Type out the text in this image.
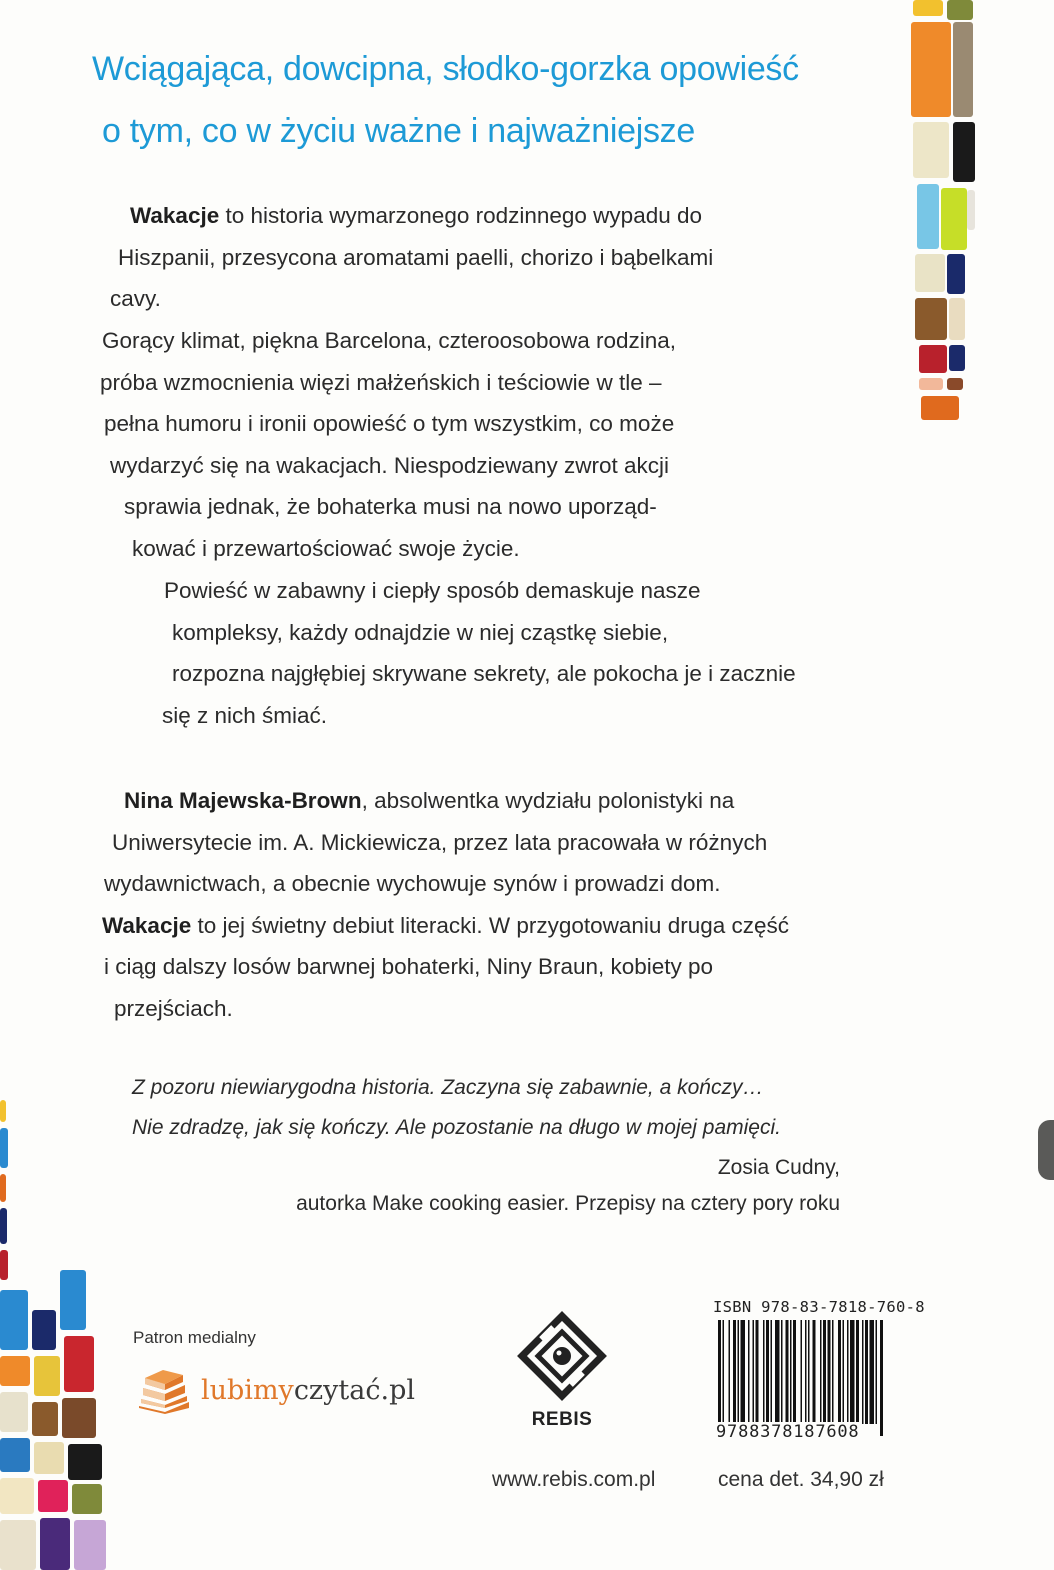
Wciągająca, dowcipna, słodko-gorzka opowieść
o tym, co w życiu ważne i najważniejsze
Wakacje to historia wymarzonego rodzinnego wypadu do
Hiszpanii, przesycona aromatami paelli, chorizo i bąbelkami
cavy.
Gorący klimat, piękna Barcelona, czteroosobowa rodzina,
próba wzmocnienia więzi małżeńskich i teściowie w tle –
pełna humoru i ironii opowieść o tym wszystkim, co może
wydarzyć się na wakacjach. Niespodziewany zwrot akcji
sprawia jednak, że bohaterka musi na nowo uporząd-
kować i przewartościować swoje życie.
Powieść w zabawny i ciepły sposób demaskuje nasze
kompleksy, każdy odnajdzie w niej cząstkę siebie,
rozpozna najgłębiej skrywane sekrety, ale pokocha je i zacznie
się z nich śmiać.
Nina Majewska-Brown, absolwentka wydziału polonistyki na
Uniwersytecie im. A. Mickiewicza, przez lata pracowała w różnych
wydawnictwach, a obecnie wychowuje synów i prowadzi dom.
Wakacje to jej świetny debiut literacki. W przygotowaniu druga część
i ciąg dalszy losów barwnej bohaterki, Niny Braun, kobiety po
przejściach.
Z pozoru niewiarygodna historia. Zaczyna się zabawnie, a kończy…
Nie zdradzę, jak się kończy. Ale pozostanie na długo w mojej pamięci.
Zosia Cudny,
autorka Make cooking easier. Przepisy na cztery pory roku
Patron medialny
lubimyczytać.pl
REBIS
www.rebis.com.pl
ISBN 978-83-7818-760-8
9788378187608
cena det. 34,90 zł
